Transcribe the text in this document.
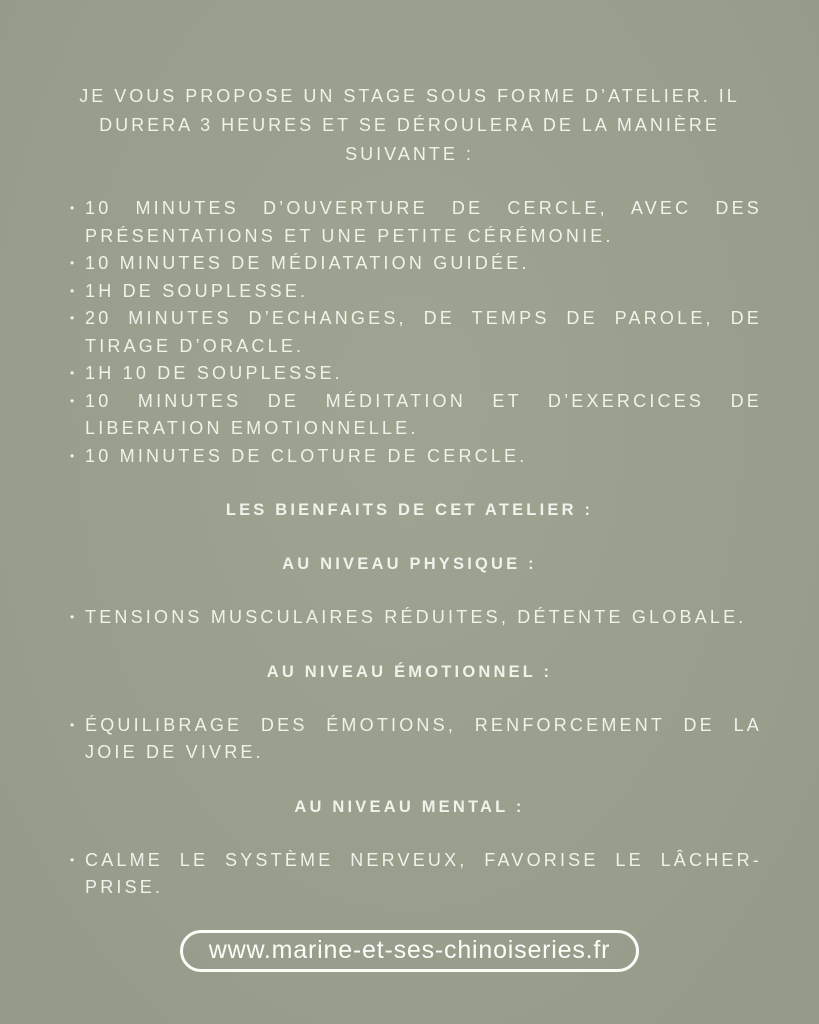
JE VOUS PROPOSE UN STAGE SOUS FORME D’ATELIER. IL DURERA 3 HEURES ET SE DÉROULERA DE LA MANIÈRE SUIVANTE :

• 10 MINUTES D’OUVERTURE DE CERCLE, AVEC DES PRÉSENTATIONS ET UNE PETITE CÉRÉMONIE.
• 10 MINUTES DE MÉDIATATION GUIDÉE.
• 1H DE SOUPLESSE.
• 20 MINUTES D’ECHANGES, DE TEMPS DE PAROLE, DE TIRAGE D’ORACLE.
• 1H 10 DE SOUPLESSE.
• 10 MINUTES DE MÉDITATION ET D’EXERCICES DE LIBERATION EMOTIONNELLE.
• 10 MINUTES DE CLOTURE DE CERCLE.
LES BIENFAITS DE CET ATELIER :
AU NIVEAU PHYSIQUE :
• TENSIONS MUSCULAIRES RÉDUITES, DÉTENTE GLOBALE.
AU NIVEAU ÉMOTIONNEL :
• ÉQUILIBRAGE DES ÉMOTIONS, RENFORCEMENT DE LA JOIE DE VIVRE.
AU NIVEAU MENTAL :
• CALME LE SYSTÈME NERVEUX, FAVORISE LE LÂCHER-PRISE.
www.marine-et-ses-chinoiseries.fr
